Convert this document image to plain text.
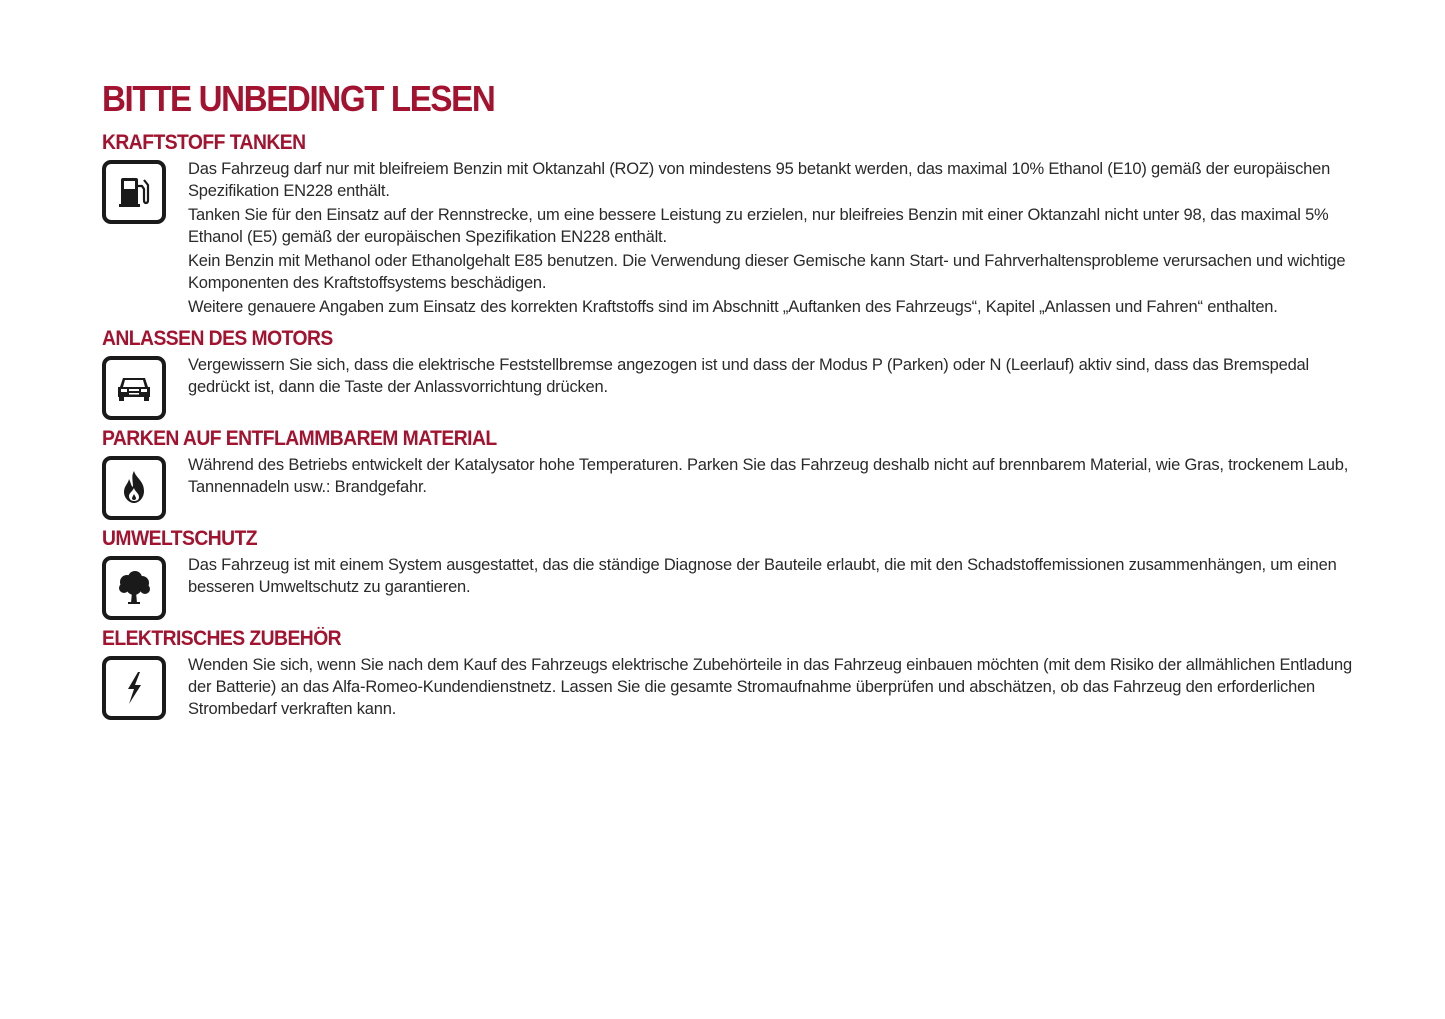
BITTE UNBEDINGT LESEN
KRAFTSTOFF TANKEN

Das Fahrzeug darf nur mit bleifreiem Benzin mit Oktanzahl (ROZ) von mindestens 95 betankt werden, das maximal 10% Ethanol (E10) gemäß der europäischen Spezifikation EN228 enthält.

Tanken Sie für den Einsatz auf der Rennstrecke, um eine bessere Leistung zu erzielen, nur bleifreies Benzin mit einer Oktanzahl nicht unter 98, das maximal 5% Ethanol (E5) gemäß der europäischen Spezifikation EN228 enthält.

Kein Benzin mit Methanol oder Ethanolgehalt E85 benutzen. Die Verwendung dieser Gemische kann Start- und Fahrverhaltensprobleme verursachen und wichtige Komponenten des Kraftstoffsystems beschädigen.

Weitere genauere Angaben zum Einsatz des korrekten Kraftstoffs sind im Abschnitt „Auftanken des Fahrzeugs“, Kapitel „Anlassen und Fahren“ enthalten.

ANLASSEN DES MOTORS

Vergewissern Sie sich, dass die elektrische Feststellbremse angezogen ist und dass der Modus P (Parken) oder N (Leerlauf) aktiv sind, dass das Bremspedal gedrückt ist, dann die Taste der Anlassvorrichtung drücken.

PARKEN AUF ENTFLAMMBAREM MATERIAL

Während des Betriebs entwickelt der Katalysator hohe Temperaturen. Parken Sie das Fahrzeug deshalb nicht auf brennbarem Material, wie Gras, trockenem Laub, Tannennadeln usw.: Brandgefahr.

UMWELTSCHUTZ

Das Fahrzeug ist mit einem System ausgestattet, das die ständige Diagnose der Bauteile erlaubt, die mit den Schadstoffemissionen zusammenhängen, um einen besseren Umweltschutz zu garantieren.

ELEKTRISCHES ZUBEHÖR

Wenden Sie sich, wenn Sie nach dem Kauf des Fahrzeugs elektrische Zubehörteile in das Fahrzeug einbauen möchten (mit dem Risiko der allmählichen Entladung der Batterie) an das Alfa-Romeo-Kundendienstnetz. Lassen Sie die gesamte Stromaufnahme überprüfen und abschätzen, ob das Fahrzeug den erforderlichen Strombedarf verkraften kann.
